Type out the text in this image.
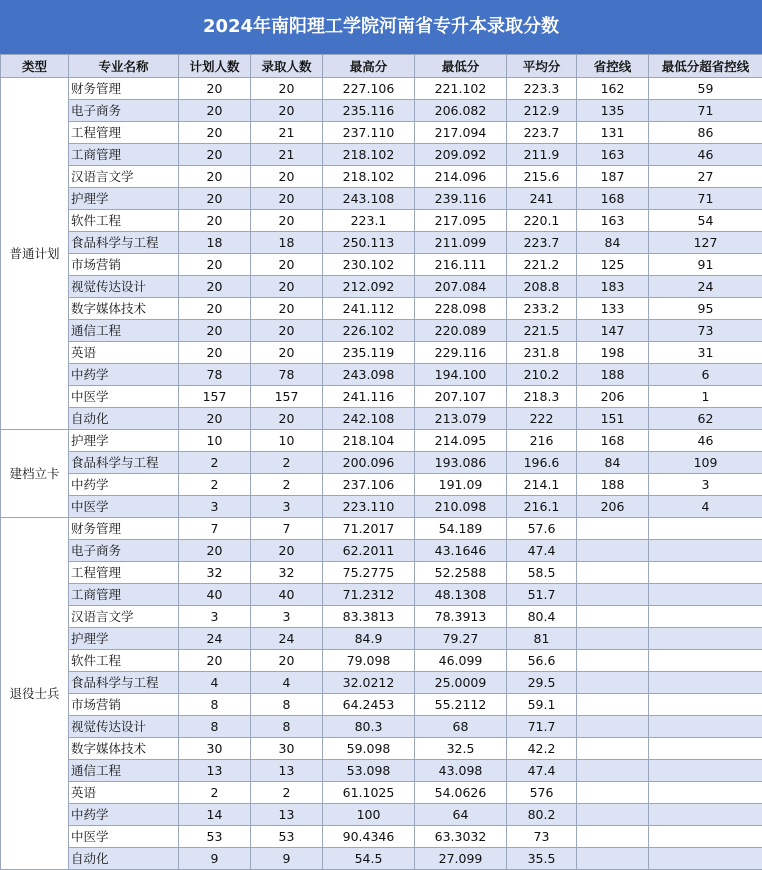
2024年南阳理工学院河南省专升本录取分数
类型	专业名称	计划人数	录取人数	最高分	最低分	平均分	省控线	最低分超省控线
普通计划	财务管理	20	20	227.106	221.102	223.3	162	59
	电子商务	20	20	235.116	206.082	212.9	135	71
	工程管理	20	21	237.110	217.094	223.7	131	86
	工商管理	20	21	218.102	209.092	211.9	163	46
	汉语言文学	20	20	218.102	214.096	215.6	187	27
	护理学	20	20	243.108	239.116	241	168	71
	软件工程	20	20	223.1	217.095	220.1	163	54
	食品科学与工程	18	18	250.113	211.099	223.7	84	127
	市场营销	20	20	230.102	216.111	221.2	125	91
	视觉传达设计	20	20	212.092	207.084	208.8	183	24
	数字媒体技术	20	20	241.112	228.098	233.2	133	95
	通信工程	20	20	226.102	220.089	221.5	147	73
	英语	20	20	235.119	229.116	231.8	198	31
	中药学	78	78	243.098	194.100	210.2	188	6
	中医学	157	157	241.116	207.107	218.3	206	1
	自动化	20	20	242.108	213.079	222	151	62
建档立卡	护理学	10	10	218.104	214.095	216	168	46
	食品科学与工程	2	2	200.096	193.086	196.6	84	109
	中药学	2	2	237.106	191.09	214.1	188	3
	中医学	3	3	223.110	210.098	216.1	206	4
退役士兵	财务管理	7	7	71.2017	54.189	57.6		
	电子商务	20	20	62.2011	43.1646	47.4		
	工程管理	32	32	75.2775	52.2588	58.5		
	工商管理	40	40	71.2312	48.1308	51.7		
	汉语言文学	3	3	83.3813	78.3913	80.4		
	护理学	24	24	84.9	79.27	81		
	软件工程	20	20	79.098	46.099	56.6		
	食品科学与工程	4	4	32.0212	25.0009	29.5		
	市场营销	8	8	64.2453	55.2112	59.1		
	视觉传达设计	8	8	80.3	68	71.7		
	数字媒体技术	30	30	59.098	32.5	42.2		
	通信工程	13	13	53.098	43.098	47.4		
	英语	2	2	61.1025	54.0626	576		
	中药学	14	13	100	64	80.2		
	中医学	53	53	90.4346	63.3032	73		
	自动化	9	9	54.5	27.099	35.5		
